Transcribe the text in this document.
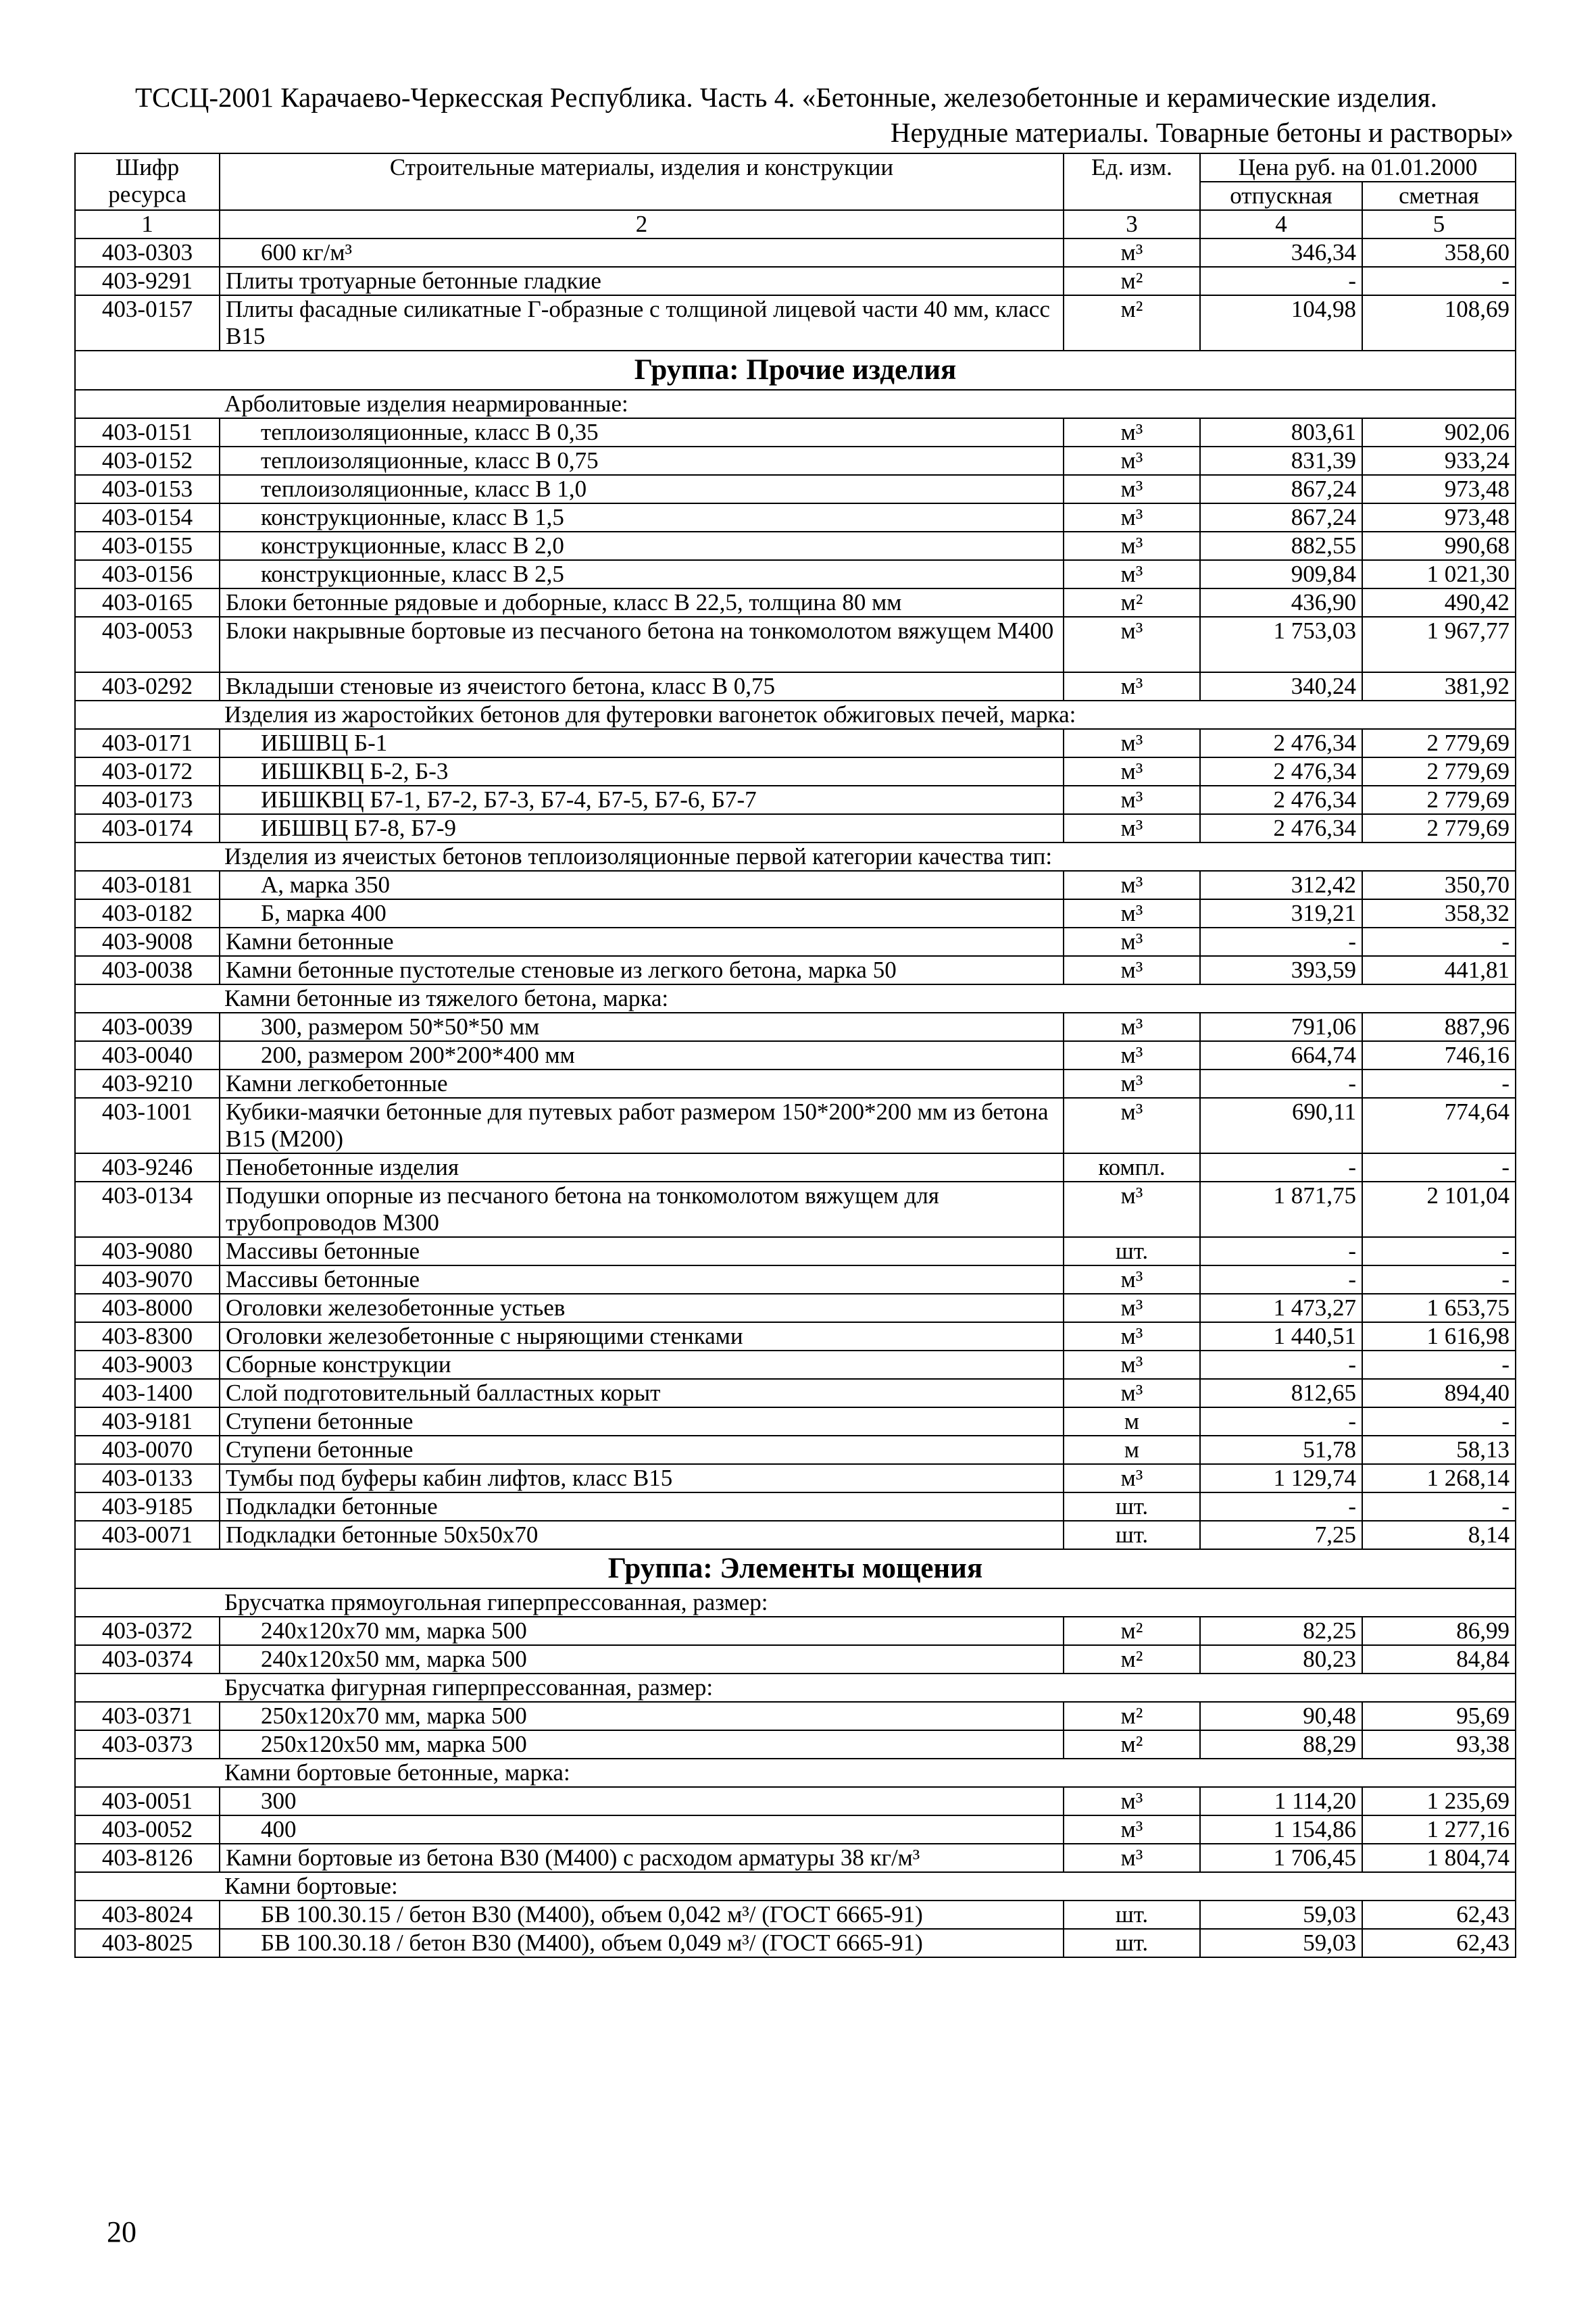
ТССЦ-2001 Карачаево-Черкесская Республика. Часть 4. «Бетонные, железобетонные и керамические изделия.
Нерудные материалы. Товарные бетоны и растворы»
Шифр ресурса	Строительные материалы, изделия и конструкции	Ед. изм.	Цена руб. на 01.01.2000	
			отпускная	сметная
1	2	3	4	5
403-0303	600 кг/м³	м³	346,34	358,60
403-9291	Плиты тротуарные бетонные гладкие	м²	-	-
403-0157	Плиты фасадные силикатные Г-образные с толщиной лицевой части 40 мм, класс В15	м²	104,98	108,69
Группа: Прочие изделия				
Арболитовые изделия неармированные:				
403-0151	теплоизоляционные, класс В 0,35	м³	803,61	902,06
403-0152	теплоизоляционные, класс В 0,75	м³	831,39	933,24
403-0153	теплоизоляционные, класс В 1,0	м³	867,24	973,48
403-0154	конструкционные, класс В 1,5	м³	867,24	973,48
403-0155	конструкционные, класс В 2,0	м³	882,55	990,68
403-0156	конструкционные, класс В 2,5	м³	909,84	1 021,30
403-0165	Блоки бетонные рядовые и доборные, класс В 22,5, толщина 80 мм	м²	436,90	490,42
403-0053	Блоки накрывные бортовые из песчаного бетона на тонкомолотом вяжущем М400	м³	1 753,03	1 967,77
403-0292	Вкладыши стеновые из ячеистого бетона, класс В 0,75	м³	340,24	381,92
Изделия из жаростойких бетонов для футеровки вагонеток обжиговых печей, марка:				
403-0171	ИБШВЦ Б-1	м³	2 476,34	2 779,69
403-0172	ИБШКВЦ Б-2, Б-3	м³	2 476,34	2 779,69
403-0173	ИБШКВЦ Б7-1, Б7-2, Б7-3, Б7-4, Б7-5, Б7-6, Б7-7	м³	2 476,34	2 779,69
403-0174	ИБШВЦ Б7-8, Б7-9	м³	2 476,34	2 779,69
Изделия из ячеистых бетонов теплоизоляционные первой категории качества тип:				
403-0181	А, марка 350	м³	312,42	350,70
403-0182	Б, марка 400	м³	319,21	358,32
403-9008	Камни бетонные	м³	-	-
403-0038	Камни бетонные пустотелые стеновые из легкого бетона, марка 50	м³	393,59	441,81
Камни бетонные из тяжелого бетона, марка:				
403-0039	300, размером 50*50*50 мм	м³	791,06	887,96
403-0040	200, размером 200*200*400 мм	м³	664,74	746,16
403-9210	Камни легкобетонные	м³	-	-
403-1001	Кубики-маячки бетонные для путевых работ размером 150*200*200 мм из бетона В15 (М200)	м³	690,11	774,64
403-9246	Пенобетонные изделия	компл.	-	-
403-0134	Подушки опорные из песчаного бетона на тонкомолотом вяжущем для трубопроводов М300	м³	1 871,75	2 101,04
403-9080	Массивы бетонные	шт.	-	-
403-9070	Массивы бетонные	м³	-	-
403-8000	Оголовки железобетонные устьев	м³	1 473,27	1 653,75
403-8300	Оголовки железобетонные с ныряющими стенками	м³	1 440,51	1 616,98
403-9003	Сборные конструкции	м³	-	-
403-1400	Слой подготовительный балластных корыт	м³	812,65	894,40
403-9181	Ступени бетонные	м	-	-
403-0070	Ступени бетонные	м	51,78	58,13
403-0133	Тумбы под буферы кабин лифтов, класс В15	м³	1 129,74	1 268,14
403-9185	Подкладки бетонные	шт.	-	-
403-0071	Подкладки бетонные 50х50х70	шт.	7,25	8,14
Группа: Элементы мощения				
Брусчатка прямоугольная гиперпрессованная, размер:				
403-0372	240х120х70 мм, марка 500	м²	82,25	86,99
403-0374	240х120х50 мм, марка 500	м²	80,23	84,84
Брусчатка фигурная гиперпрессованная, размер:				
403-0371	250х120х70 мм, марка 500	м²	90,48	95,69
403-0373	250х120х50 мм, марка 500	м²	88,29	93,38
Камни бортовые бетонные, марка:				
403-0051	300	м³	1 114,20	1 235,69
403-0052	400	м³	1 154,86	1 277,16
403-8126	Камни бортовые из бетона В30 (М400) с расходом арматуры 38 кг/м³	м³	1 706,45	1 804,74
Камни бортовые:				
403-8024	БВ 100.30.15 / бетон В30 (М400), объем 0,042 м³/ (ГОСТ 6665-91)	шт.	59,03	62,43
403-8025	БВ 100.30.18 / бетон В30 (М400), объем 0,049 м³/ (ГОСТ 6665-91)	шт.	59,03	62,43
20
